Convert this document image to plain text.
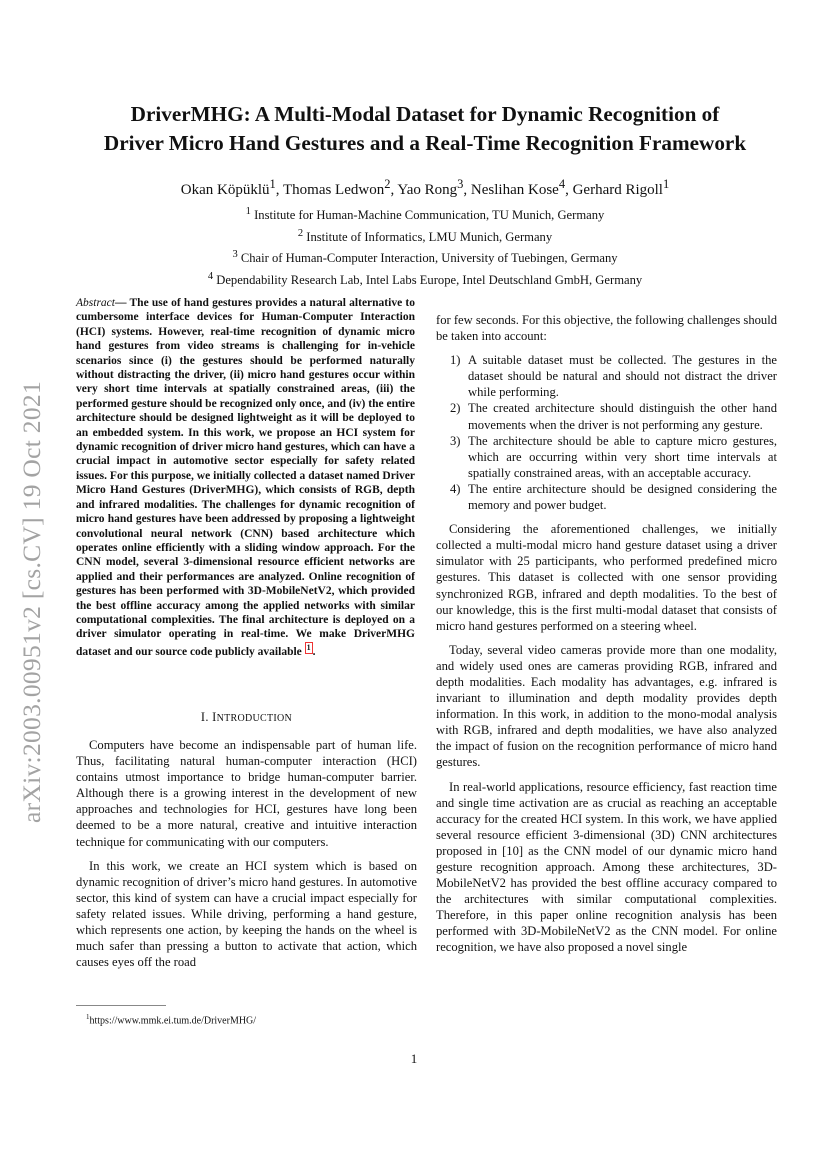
arXiv:2003.00951v2 [cs.CV] 19 Oct 2021
DriverMHG: A Multi-Modal Dataset for Dynamic Recognition of
Driver Micro Hand Gestures and a Real-Time Recognition Framework
Okan Köpüklü$^1$, Thomas Ledwon$^2$, Yao Rong$^3$, Neslihan Kose$^4$, Gerhard Rigoll$^1$
$^1$ Institute for Human-Machine Communication, TU Munich, Germany
$^2$ Institute of Informatics, LMU Munich, Germany
$^3$ Chair of Human-Computer Interaction, University of Tuebingen, Germany
$^4$ Dependability Research Lab, Intel Labs Europe, Intel Deutschland GmbH, Germany
Abstract— The use of hand gestures provides a natural alternative to cumbersome interface devices for Human-Computer Interaction (HCI) systems. However, real-time recognition of dynamic micro hand gestures from video streams is challenging for in-vehicle scenarios since (i) the gestures should be performed naturally without distracting the driver, (ii) micro hand gestures occur within very short time intervals at spatially constrained areas, (iii) the performed gesture should be recognized only once, and (iv) the entire architecture should be designed lightweight as it will be deployed to an embedded system. In this work, we propose an HCI system for dynamic recognition of driver micro hand gestures, which can have a crucial impact in automotive sector especially for safety related issues. For this purpose, we initially collected a dataset named Driver Micro Hand Gestures (DriverMHG), which consists of RGB, depth and infrared modalities. The challenges for dynamic recognition of micro hand gestures have been addressed by proposing a lightweight convolutional neural network (CNN) based architecture which operates online efficiently with a sliding window approach. For the CNN model, several 3-dimensional resource efficient networks are applied and their performances are analyzed. Online recognition of gestures has been performed with 3D-MobileNetV2, which provided the best offline accuracy among the applied networks with similar computational complexities. The final architecture is deployed on a driver simulator operating in real-time. We make DriverMHG dataset and our source code publicly available 1 .
I. INTRODUCTION

Computers have become an indispensable part of human life. Thus, facilitating natural human-computer interaction (HCI) contains utmost importance to bridge human-computer barrier. Although there is a growing interest in the development of new approaches and technologies for HCI, gestures have long been deemed to be a more natural, creative and intuitive interaction technique for communicating with our computers.

In this work, we create an HCI system which is based on dynamic recognition of driver’s micro hand gestures. In automotive sector, this kind of system can have a crucial impact especially for safety related issues. While driving, performing a hand gesture, which represents one action, by keeping the hands on the wheel is much safer than pressing a button to activate that action, which causes eyes off the road

$^1$https://www.mmk.ei.tum.de/DriverMHG/

for few seconds. For this objective, the following challenges should be taken into account:

1) A suitable dataset must be collected. The gestures in the dataset should be natural and should not distract the driver while performing.
2) The created architecture should distinguish the other hand movements when the driver is not performing any gesture.
3) The architecture should be able to capture micro gestures, which are occurring within very short time intervals at spatially constrained areas, with an acceptable accuracy.
4) The entire architecture should be designed considering the memory and power budget.

Considering the aforementioned challenges, we initially collected a multi-modal micro hand gesture dataset using a driver simulator with 25 participants, who performed predefined micro gestures. This dataset is collected with one sensor providing synchronized RGB, infrared and depth modalities. To the best of our knowledge, this is the first multi-modal dataset that consists of micro hand gestures performed on a steering wheel.

Today, several video cameras provide more than one modality, and widely used ones are cameras providing RGB, infrared and depth modalities. Each modality has advantages, e.g. infrared is invariant to illumination and depth modality provides depth information. In this work, in addition to the mono-modal analysis with RGB, infrared and depth modalities, we have also analyzed the impact of fusion on the recognition performance of micro hand gestures.

In real-world applications, resource efficiency, fast reaction time and single time activation are as crucial as reaching an acceptable accuracy for the created HCI system. In this work, we have applied several resource efficient 3-dimensional (3D) CNN architectures proposed in [10] as the CNN model of our dynamic micro hand gesture recognition approach. Among these architectures, 3D-MobileNetV2 has provided the best offline accuracy compared to the architectures with similar computational complexities. Therefore, in this paper online recognition analysis has been performed with 3D-MobileNetV2 as the CNN model. For online recognition, we have also proposed a novel single

1
